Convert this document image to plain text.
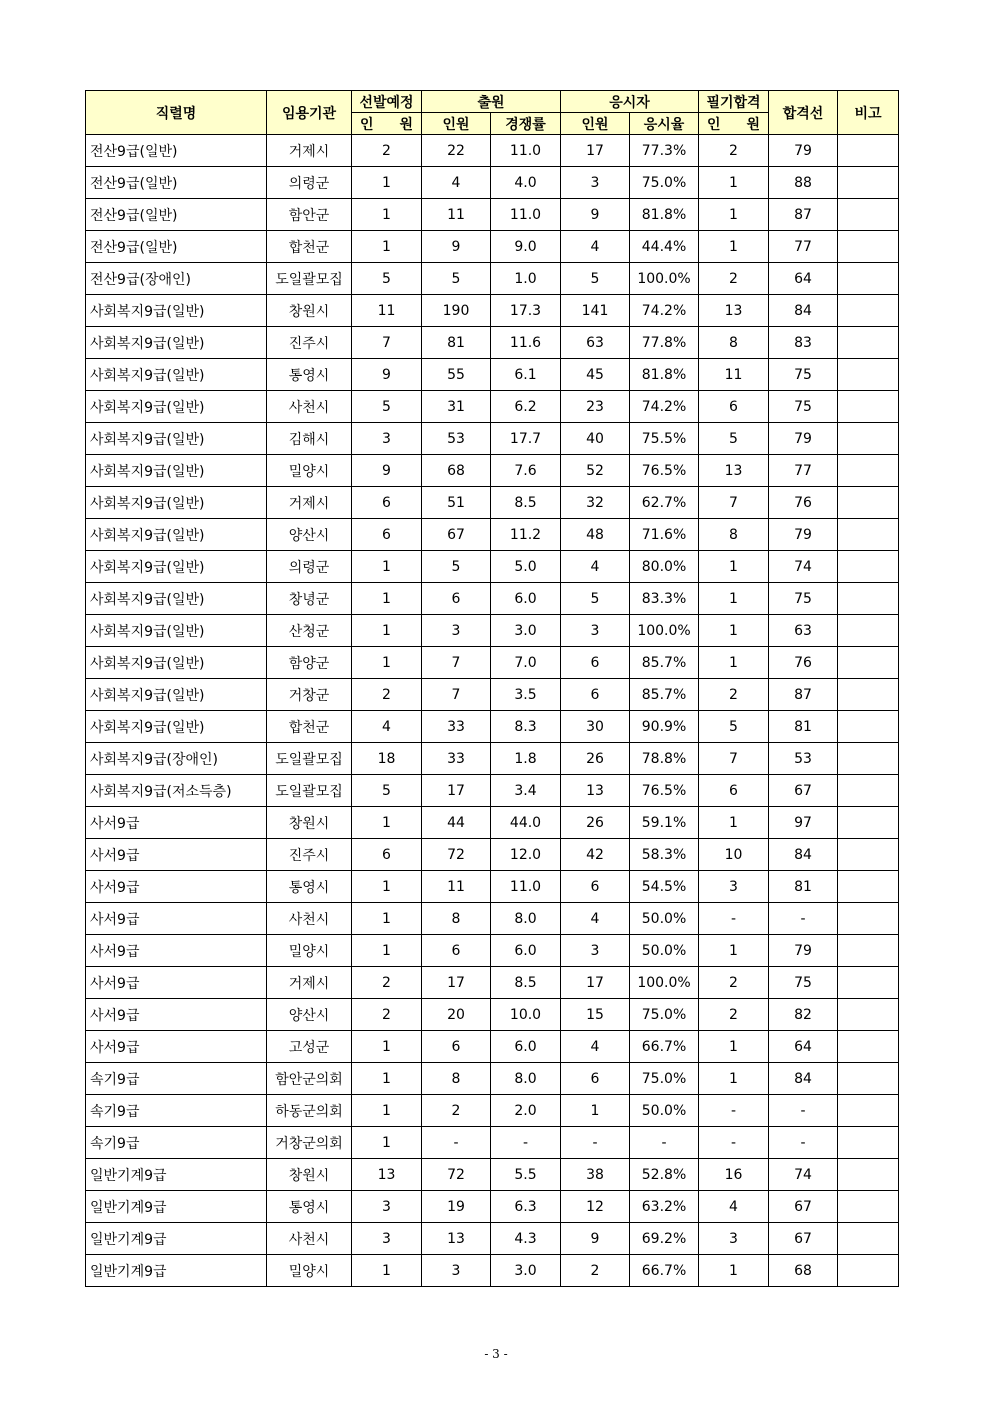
직렬명	임용기관	선발예정	출원		응시자		필기합격	합격선	비고

		인 원	인원	경쟁률	인원	응시율	인 원		

전산9급(일반)	거제시	2	22	11.0	17	77.3%	2	79	
전산9급(일반)	의령군	1	4	4.0	3	75.0%	1	88	
전산9급(일반)	함안군	1	11	11.0	9	81.8%	1	87	
전산9급(일반)	합천군	1	9	9.0	4	44.4%	1	77	
전산9급(장애인)	도일괄모집	5	5	1.0	5	100.0%	2	64	
사회복지9급(일반)	창원시	11	190	17.3	141	74.2%	13	84	
사회복지9급(일반)	진주시	7	81	11.6	63	77.8%	8	83	
사회복지9급(일반)	통영시	9	55	6.1	45	81.8%	11	75	
사회복지9급(일반)	사천시	5	31	6.2	23	74.2%	6	75	
사회복지9급(일반)	김해시	3	53	17.7	40	75.5%	5	79	
사회복지9급(일반)	밀양시	9	68	7.6	52	76.5%	13	77	
사회복지9급(일반)	거제시	6	51	8.5	32	62.7%	7	76	
사회복지9급(일반)	양산시	6	67	11.2	48	71.6%	8	79	
사회복지9급(일반)	의령군	1	5	5.0	4	80.0%	1	74	
사회복지9급(일반)	창녕군	1	6	6.0	5	83.3%	1	75	
사회복지9급(일반)	산청군	1	3	3.0	3	100.0%	1	63	
사회복지9급(일반)	함양군	1	7	7.0	6	85.7%	1	76	
사회복지9급(일반)	거창군	2	7	3.5	6	85.7%	2	87	
사회복지9급(일반)	합천군	4	33	8.3	30	90.9%	5	81	
사회복지9급(장애인)	도일괄모집	18	33	1.8	26	78.8%	7	53	
사회복지9급(저소득층)	도일괄모집	5	17	3.4	13	76.5%	6	67	
사서9급	창원시	1	44	44.0	26	59.1%	1	97	
사서9급	진주시	6	72	12.0	42	58.3%	10	84	
사서9급	통영시	1	11	11.0	6	54.5%	3	81	
사서9급	사천시	1	8	8.0	4	50.0%	-	-	
사서9급	밀양시	1	6	6.0	3	50.0%	1	79	
사서9급	거제시	2	17	8.5	17	100.0%	2	75	
사서9급	양산시	2	20	10.0	15	75.0%	2	82	
사서9급	고성군	1	6	6.0	4	66.7%	1	64	
속기9급	함안군의회	1	8	8.0	6	75.0%	1	84	
속기9급	하동군의회	1	2	2.0	1	50.0%	-	-	
속기9급	거창군의회	1	-	-	-	-	-	-	
일반기계9급	창원시	13	72	5.5	38	52.8%	16	74	
일반기계9급	통영시	3	19	6.3	12	63.2%	4	67	
일반기계9급	사천시	3	13	4.3	9	69.2%	3	67	
일반기계9급	밀양시	1	3	3.0	2	66.7%	1	68	
- 3 -
